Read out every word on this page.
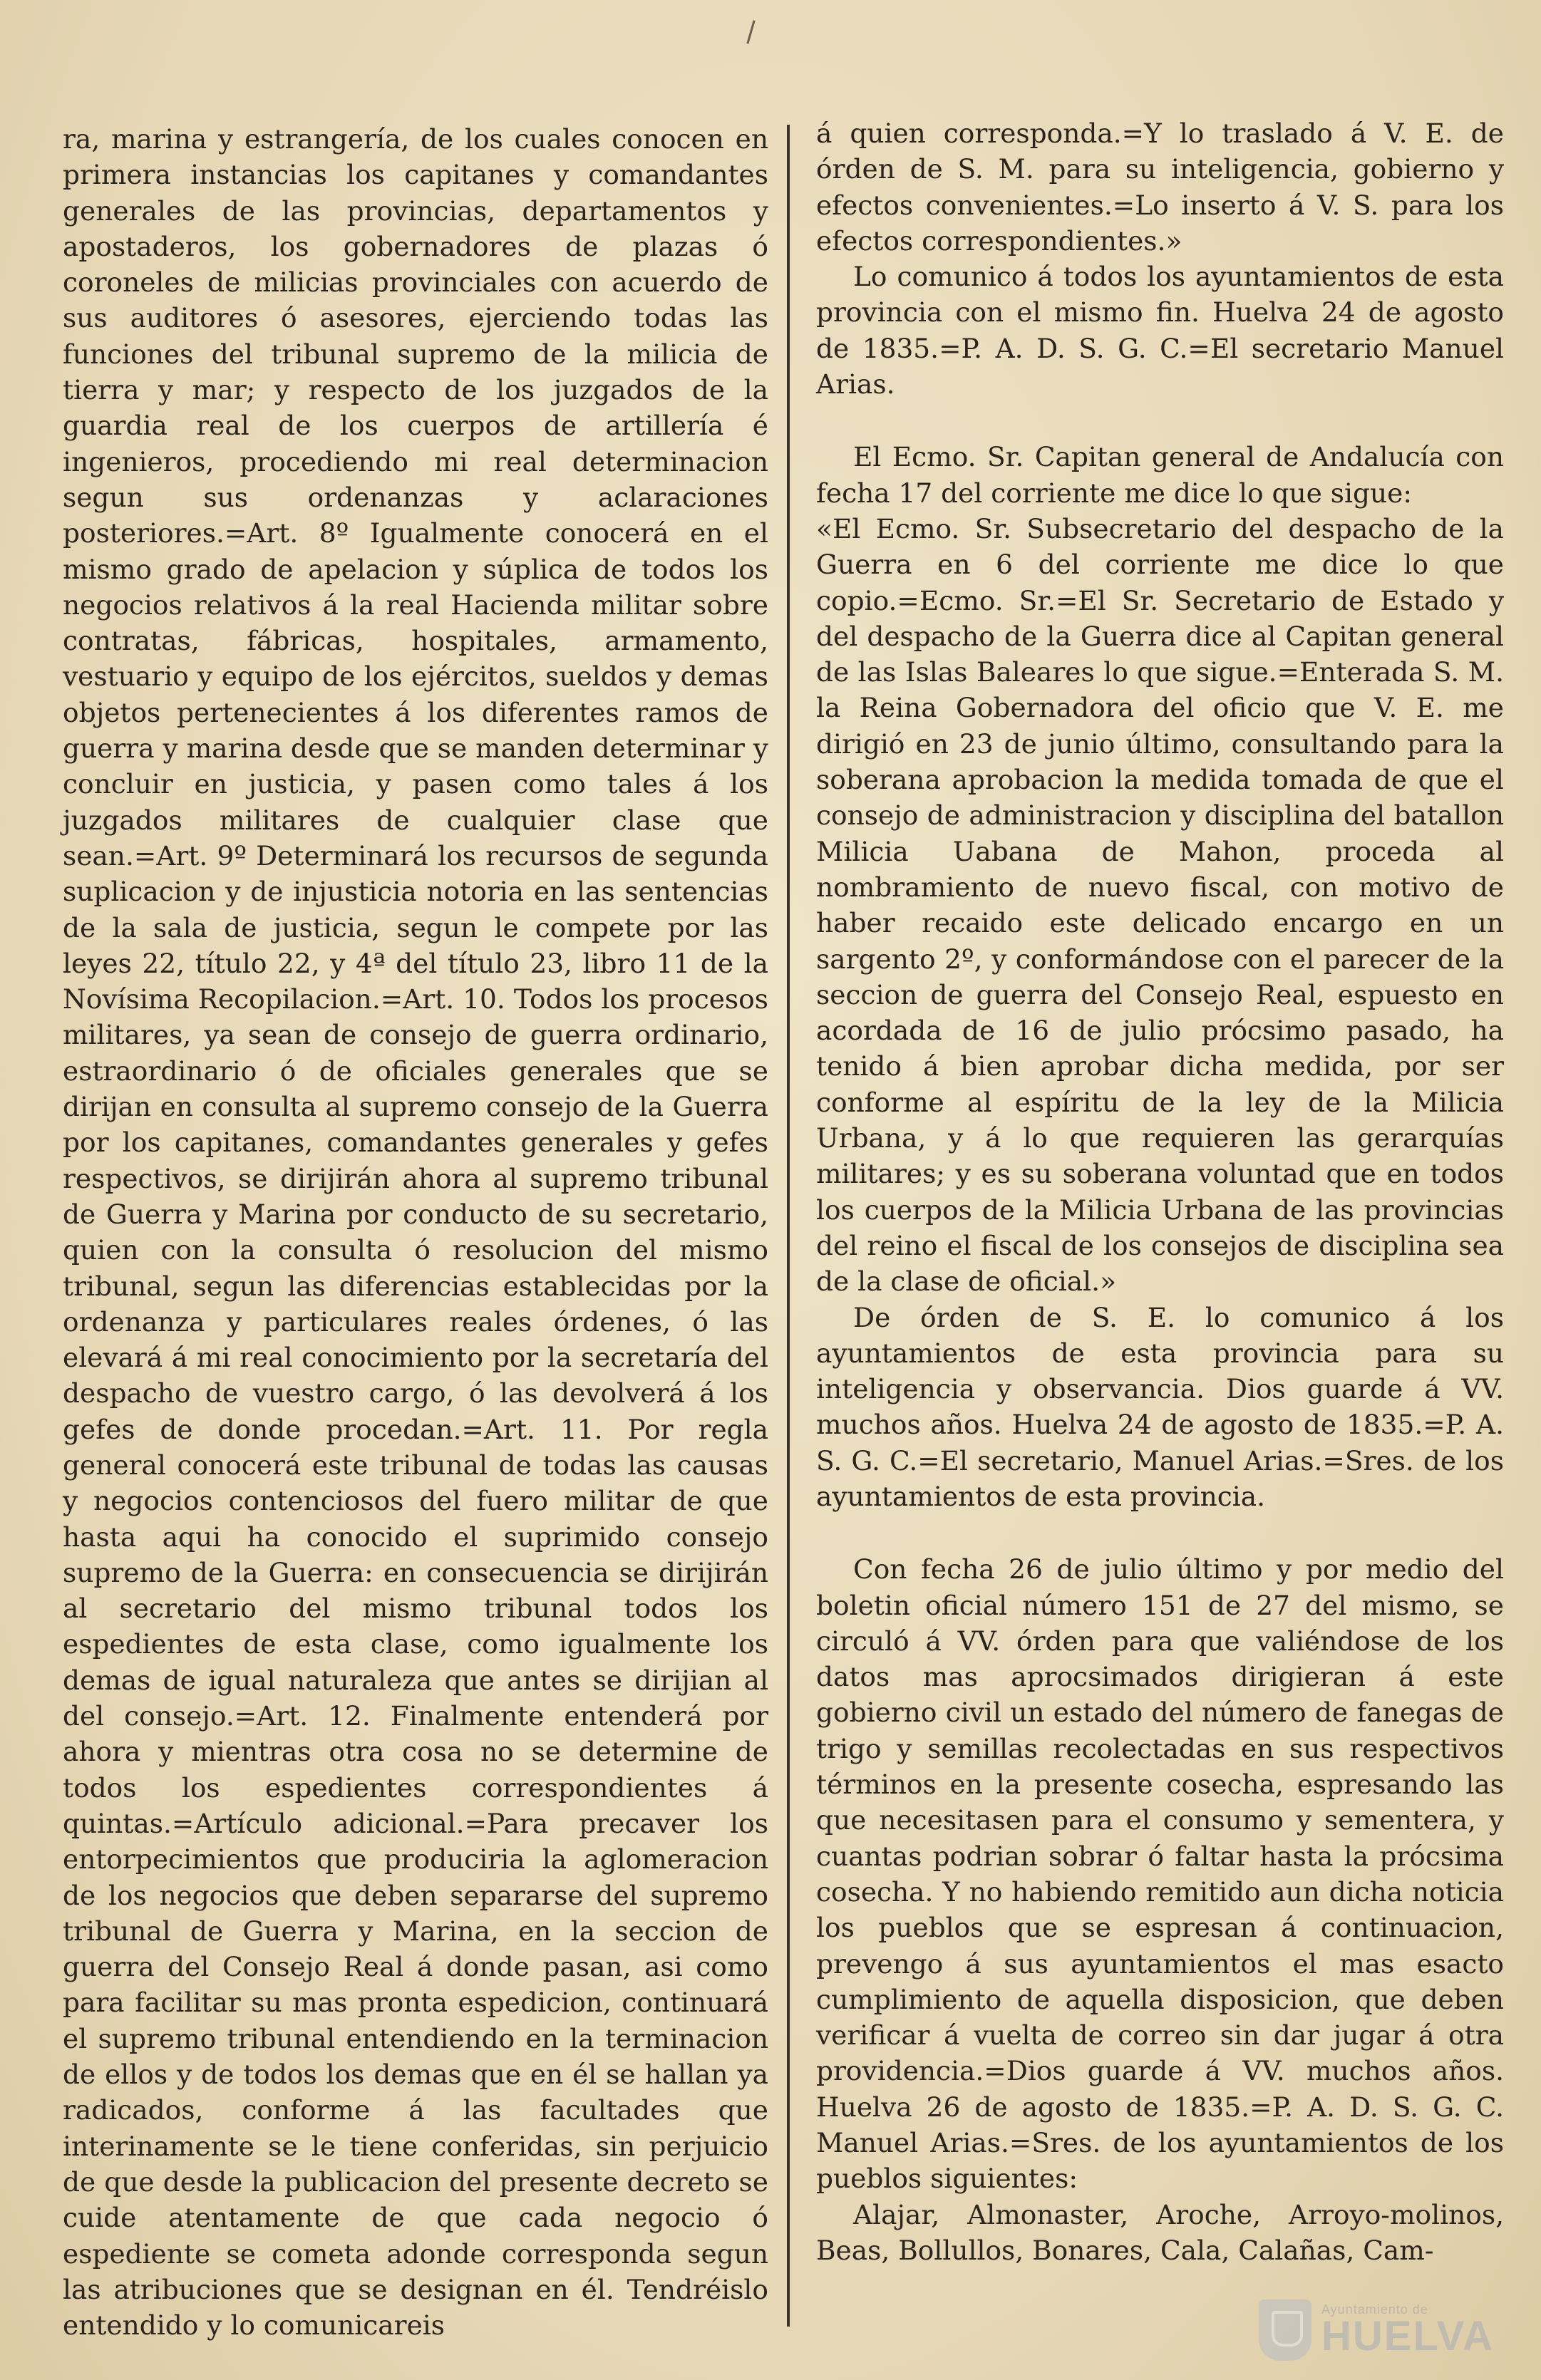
ra, marina y estrangería, de los cuales conocen en primera instancias los capitanes y comandantes generales de las provincias, departamentos y apostaderos, los gobernadores de plazas ó coroneles de milicias provinciales con acuerdo de sus auditores ó asesores, ejerciendo todas las funciones del tribunal supremo de la milicia de tierra y mar; y respecto de los juzgados de la guardia real de los cuerpos de artillería é ingenieros, procediendo mi real determinacion segun sus ordenanzas y aclaraciones posteriores.=Art. 8º Igualmente conocerá en el mismo grado de apelacion y súplica de todos los negocios relativos á la real Hacienda militar sobre contratas, fábricas, hospitales, armamento, vestuario y equipo de los ejércitos, sueldos y demas objetos pertenecientes á los diferentes ramos de guerra y marina desde que se manden determinar y concluir en justicia, y pasen como tales á los juzgados militares de cualquier clase que sean.=Art. 9º Determinará los recursos de segunda suplicacion y de injusticia notoria en las sentencias de la sala de justicia, segun le compete por las leyes 22, título 22, y 4ª del título 23, libro 11 de la Novísima Recopilacion.=Art. 10. Todos los procesos militares, ya sean de consejo de guerra ordinario, estraordinario ó de oficiales generales que se dirijan en consulta al supremo consejo de la Guerra por los capitanes, comandantes generales y gefes respectivos, se dirijirán ahora al supremo tribunal de Guerra y Marina por conducto de su secretario, quien con la consulta ó resolucion del mismo tribunal, segun las diferencias establecidas por la ordenanza y particulares reales órdenes, ó las elevará á mi real conocimiento por la secretaría del despacho de vuestro cargo, ó las devolverá á los gefes de donde procedan.=Art. 11. Por regla general conocerá este tribunal de todas las causas y negocios contenciosos del fuero militar de que hasta aqui ha conocido el suprimido consejo supremo de la Guerra: en consecuencia se dirijirán al secretario del mismo tribunal todos los espedientes de esta clase, como igualmente los demas de igual naturaleza que antes se dirijian al del consejo.=Art. 12. Finalmente entenderá por ahora y mientras otra cosa no se determine de todos los espedientes correspondientes á quintas.=Artículo adicional.=Para precaver los entorpecimientos que produciria la aglomeracion de los negocios que deben separarse del supremo tribunal de Guerra y Marina, en la seccion de guerra del Consejo Real á donde pasan, asi como para facilitar su mas pronta espedicion, continuará el supremo tribunal entendiendo en la terminacion de ellos y de todos los demas que en él se hallan ya radicados, conforme á las facultades que interinamente se le tiene conferidas, sin perjuicio de que desde la publicacion del presente decreto se cuide atentamente de que cada negocio ó espediente se cometa adonde corresponda segun las atribuciones que se designan en él. Tendréislo entendido y lo comunicareis

á quien corresponda.=Y lo traslado á V. E. de órden de S. M. para su inteligencia, gobierno y efectos convenientes.=Lo inserto á V. S. para los efectos correspondientes.»

Lo comunico á todos los ayuntamientos de esta provincia con el mismo fin. Huelva 24 de agosto de 1835.=P. A. D. S. G. C.=El secretario Manuel Arias.

El Ecmo. Sr. Capitan general de Andalucía con fecha 17 del corriente me dice lo que sigue:

«El Ecmo. Sr. Subsecretario del despacho de la Guerra en 6 del corriente me dice lo que copio.=Ecmo. Sr.=El Sr. Secretario de Estado y del despacho de la Guerra dice al Capitan general de las Islas Baleares lo que sigue.=Enterada S. M. la Reina Gobernadora del oficio que V. E. me dirigió en 23 de junio último, consultando para la soberana aprobacion la medida tomada de que el consejo de administracion y disciplina del batallon Milicia Uabana de Mahon, proceda al nombramiento de nuevo fiscal, con motivo de haber recaido este delicado encargo en un sargento 2º, y conformándose con el parecer de la seccion de guerra del Consejo Real, espuesto en acordada de 16 de julio prócsimo pasado, ha tenido á bien aprobar dicha medida, por ser conforme al espíritu de la ley de la Milicia Urbana, y á lo que requieren las gerarquías militares; y es su soberana voluntad que en todos los cuerpos de la Milicia Urbana de las provincias del reino el fiscal de los consejos de disciplina sea de la clase de oficial.»

De órden de S. E. lo comunico á los ayuntamientos de esta provincia para su inteligencia y observancia. Dios guarde á VV. muchos años. Huelva 24 de agosto de 1835.=P. A. S. G. C.=El secretario, Manuel Arias.=Sres. de los ayuntamientos de esta provincia.

Con fecha 26 de julio último y por medio del boletin oficial número 151 de 27 del mismo, se circuló á VV. órden para que valiéndose de los datos mas aprocsimados dirigieran á este gobierno civil un estado del número de fanegas de trigo y semillas recolectadas en sus respectivos términos en la presente cosecha, espresando las que necesitasen para el consumo y sementera, y cuantas podrian sobrar ó faltar hasta la prócsima cosecha. Y no habiendo remitido aun dicha noticia los pueblos que se espresan á continuacion, prevengo á sus ayuntamientos el mas esacto cumplimiento de aquella disposicion, que deben verificar á vuelta de correo sin dar jugar á otra providencia.=Dios guarde á VV. muchos años. Huelva 26 de agosto de 1835.=P. A. D. S. G. C. Manuel Arias.=Sres. de los ayuntamientos de los pueblos siguientes:

Alajar, Almonaster, Aroche, Arroyo-molinos, Beas, Bollullos, Bonares, Cala, Calañas, Cam-

Ayuntamiento de
HUELVA
